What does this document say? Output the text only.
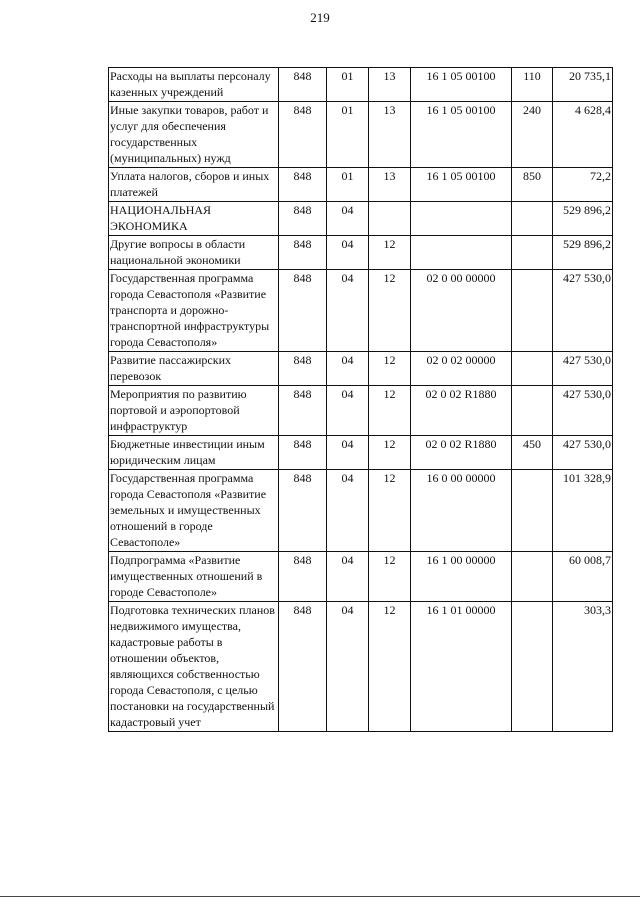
219
Расходы на выплаты персоналу казенных учреждений	848	01	13	16 1 05 00100	110	20 735,1
Иные закупки товаров, работ и услуг для обеспечения государственных (муниципальных) нужд	848	01	13	16 1 05 00100	240	4 628,4
Уплата налогов, сборов и иных платежей	848	01	13	16 1 05 00100	850	72,2
НАЦИОНАЛЬНАЯ ЭКОНОМИКА	848	04				529 896,2
Другие вопросы в области национальной экономики	848	04	12			529 896,2
Государственная программа города Севастополя «Развитие транспорта и дорожно-транспортной инфраструктуры города Севастополя»	848	04	12	02 0 00 00000		427 530,0
Развитие пассажирских перевозок	848	04	12	02 0 02 00000		427 530,0
Мероприятия по развитию портовой и аэропортовой инфраструктур	848	04	12	02 0 02 R1880		427 530,0
Бюджетные инвестиции иным юридическим лицам	848	04	12	02 0 02 R1880	450	427 530,0
Государственная программа города Севастополя «Развитие земельных и имущественных отношений в городе Севастополе»	848	04	12	16 0 00 00000		101 328,9
Подпрограмма «Развитие имущественных отношений в городе Севастополе»	848	04	12	16 1 00 00000		60 008,7
Подготовка технических планов недвижимого имущества, кадастровые работы в отношении объектов, являющихся собственностью города Севастополя, с целью постановки на государственный кадастровый учет	848	04	12	16 1 01 00000		303,3
